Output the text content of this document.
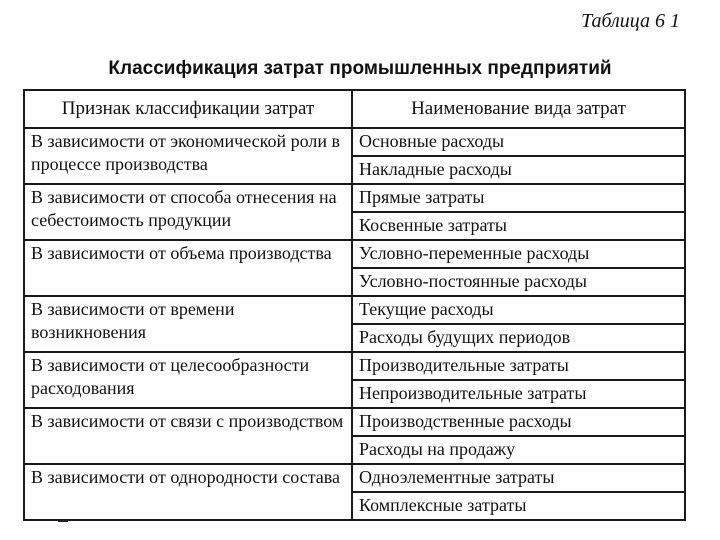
Таблица 6 1
Классификация затрат промышленных предприятий
Признак классификации затрат	Наименование вида затрат
В зависимости от экономической роли в процессе производства	Основные расходы
	Накладные расходы
В зависимости от способа отнесения на себестоимость продукции	Прямые затраты
	Косвенные затраты
В зависимости от объема производства	Условно-переменные расходы
	Условно-постоянные расходы
В зависимости от времени возникновения	Текущие расходы
	Расходы будущих периодов
В зависимости от целесообразности расходования	Производительные затраты
	Непроизводительные затраты
В зависимости от связи с производством	Производственные расходы
	Расходы на продажу
В зависимости от однородности состава	Одноэлементные затраты
	Комплексные затраты
